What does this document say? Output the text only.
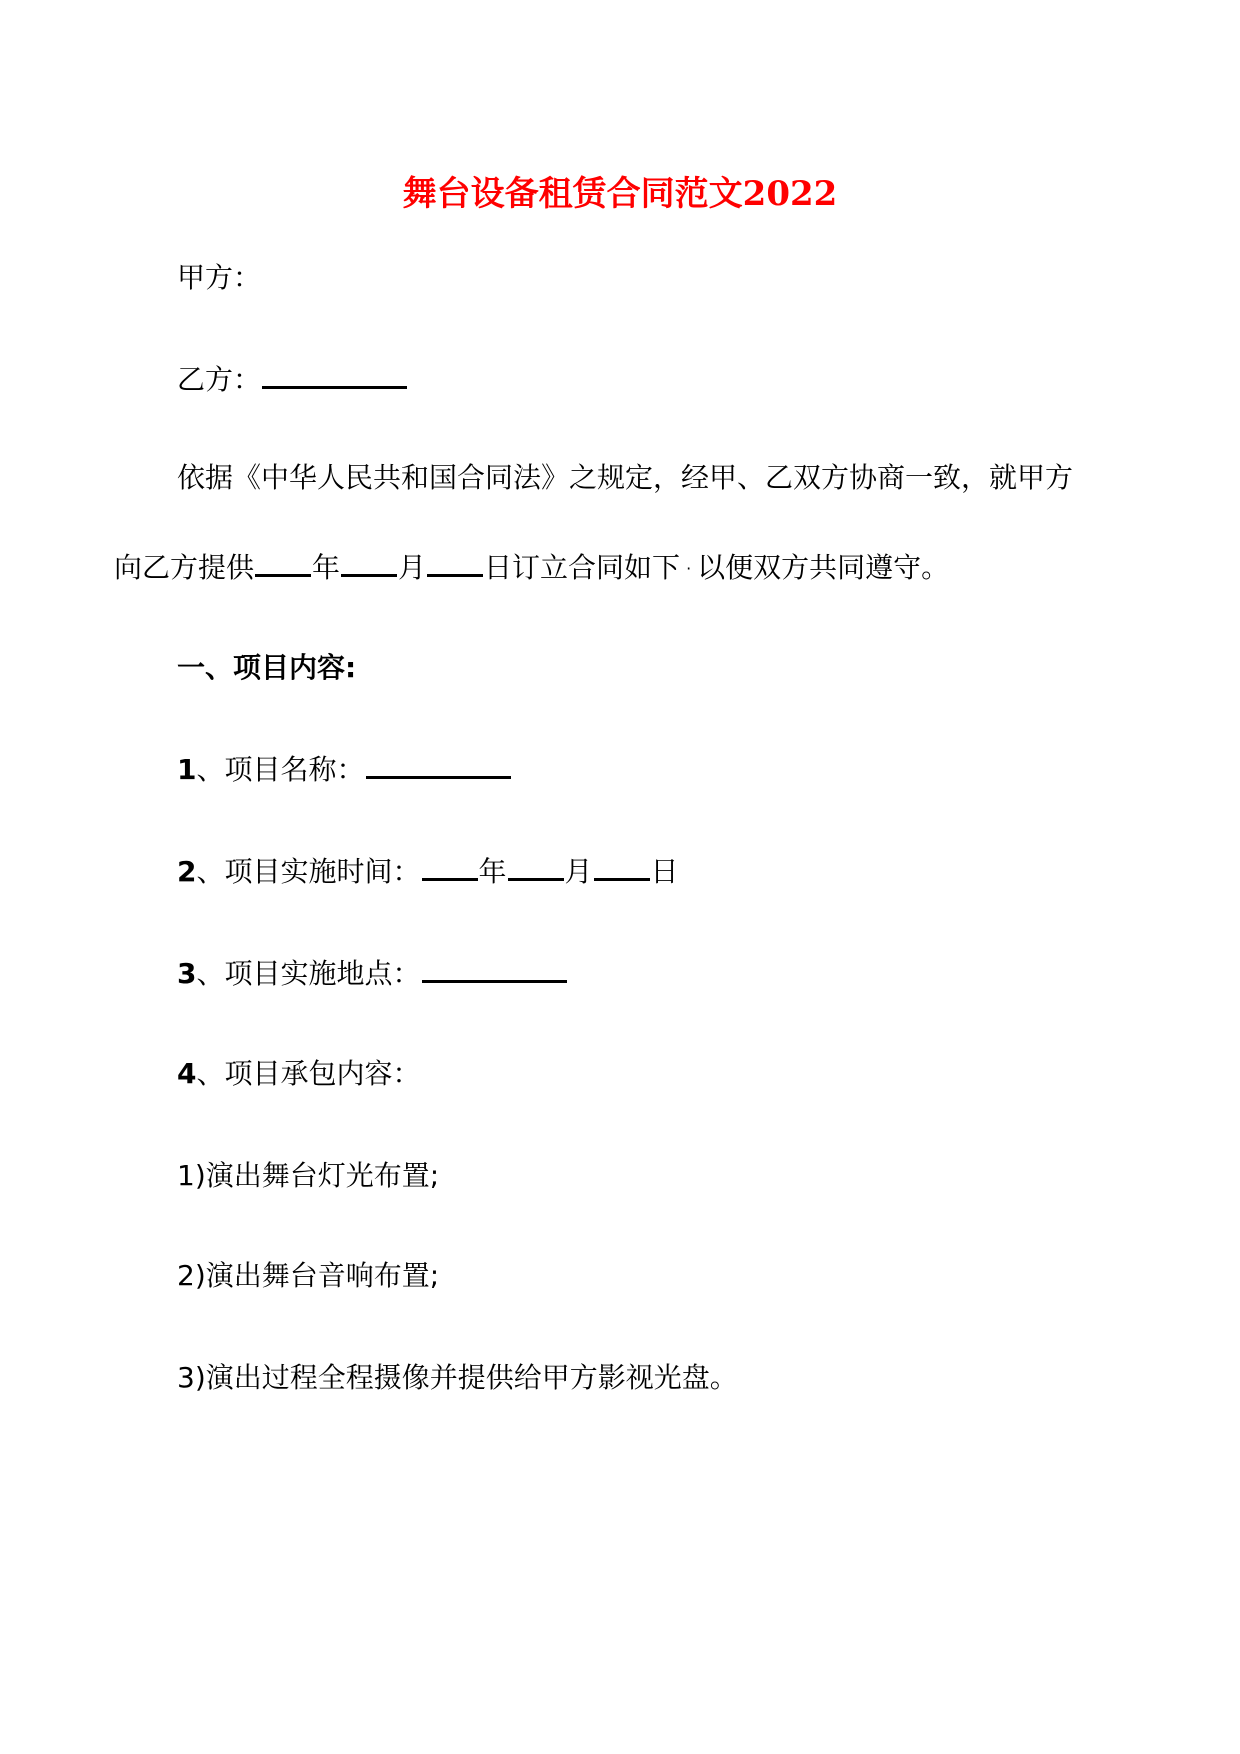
舞台设备租赁合同范文2022
甲方：
乙方：
依据《中华人民共和国合同法》之规定，经甲、乙双方协商一致，就甲方
向乙方提供 年 月 日订立合同如下 · 以便双方共同遵守。
一、项目内容:
1、项目名称：
2、项目实施时间： 年 月 日
3、项目实施地点：
4、项目承包内容：
1)演出舞台灯光布置;
2)演出舞台音响布置;
3)演出过程全程摄像并提供给甲方影视光盘。
